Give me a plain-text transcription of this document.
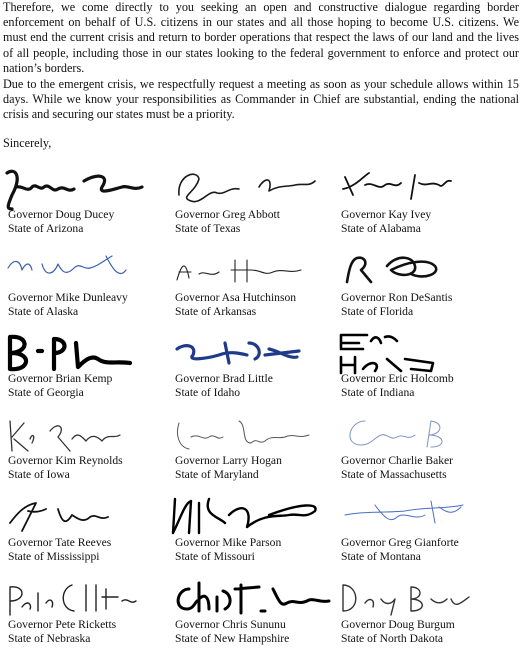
Therefore, we come directly to you seeking an open and constructive dialogue regarding border enforcement on behalf of U.S. citizens in our states and all those hoping to become U.S. citizens. We must end the current crisis and return to border operations that respect the laws of our land and the lives of all people, including those in our states looking to the federal government to enforce and protect our nation’s borders.

Due to the emergent crisis, we respectfully request a meeting as soon as your schedule allows within 15 days. While we know your responsibilities as Commander in Chief are substantial, ending the national crisis and securing our states must be a priority.

Sincerely,
Governor Doug Ducey
State of Arizona
Governor Greg Abbott
State of Texas
Governor Kay Ivey
State of Alabama
Governor Mike Dunleavy
State of Alaska
Governor Asa Hutchinson
State of Arkansas
Governor Ron DeSantis
State of Florida
Governor Brian Kemp
State of Georgia
Governor Brad Little
State of Idaho
Governor Eric Holcomb
State of Indiana
Governor Kim Reynolds
State of Iowa
Governor Larry Hogan
State of Maryland
Governor Charlie Baker
State of Massachusetts
Governor Tate Reeves
State of Mississippi
Governor Mike Parson
State of Missouri
Governor Greg Gianforte
State of Montana
Governor Pete Ricketts
State of Nebraska
Governor Chris Sununu
State of New Hampshire
Governor Doug Burgum
State of North Dakota
